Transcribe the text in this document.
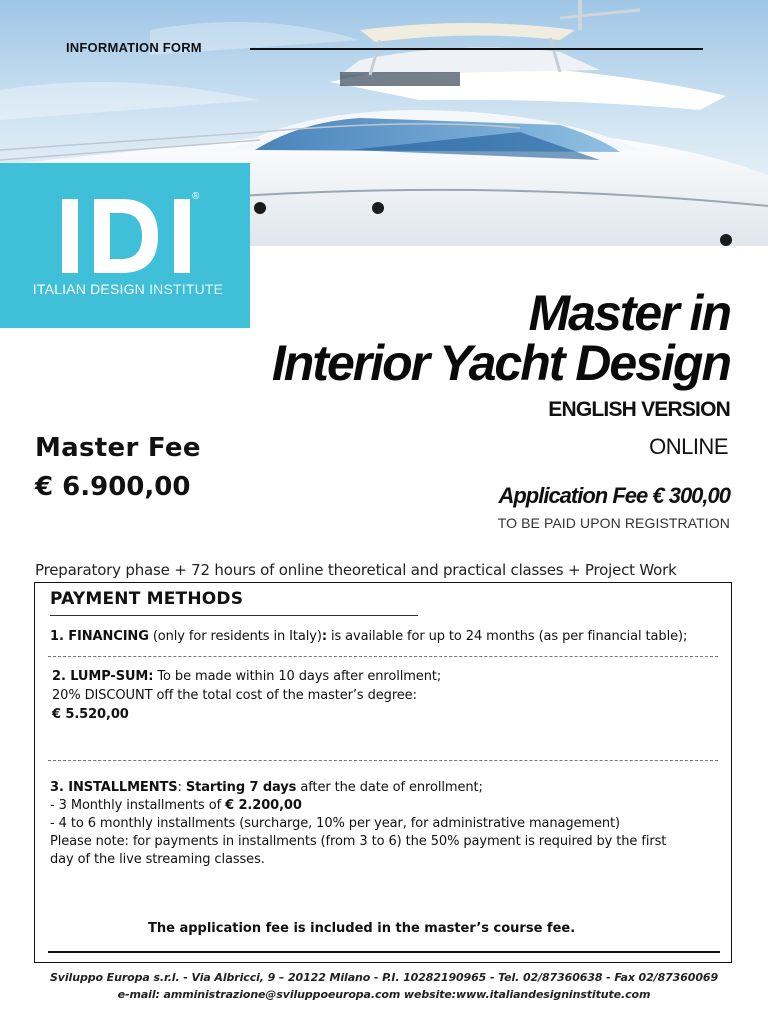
INFORMATION FORM
®
ITALIAN DESIGN INSTITUTE	Master in
Interior Yacht Design
ENGLISH VERSION
ONLINE
Master Fee
€ 6.900,00	Application Fee € 300,00
TO BE PAID UPON REGISTRATION
Preparatory phase + 72 hours of online theoretical and practical classes + Project Work
PAYMENT METHODS
1. FINANCING (only for residents in Italy): is available for up to 24 months (as per financial table);
2. LUMP-SUM: To be made within 10 days after enrollment;
20% DISCOUNT off the total cost of the master’s degree:
€ 5.520,00
3. INSTALLMENTS: Starting 7 days after the date of enrollment;
- 3 Monthly installments of € 2.200,00
- 4 to 6 monthly installments (surcharge, 10% per year, for administrative management)
Please note: for payments in installments (from 3 to 6) the 50% payment is required by the first
day of the live streaming classes.
The application fee is included in the master’s course fee.
Sviluppo Europa s.r.l. - Via Albricci, 9 – 20122 Milano - P.I. 10282190965 - Tel. 02/87360638 - Fax 02/87360069
e-mail: amministrazione@sviluppoeuropa.com website:www.italiandesigninstitute.com
